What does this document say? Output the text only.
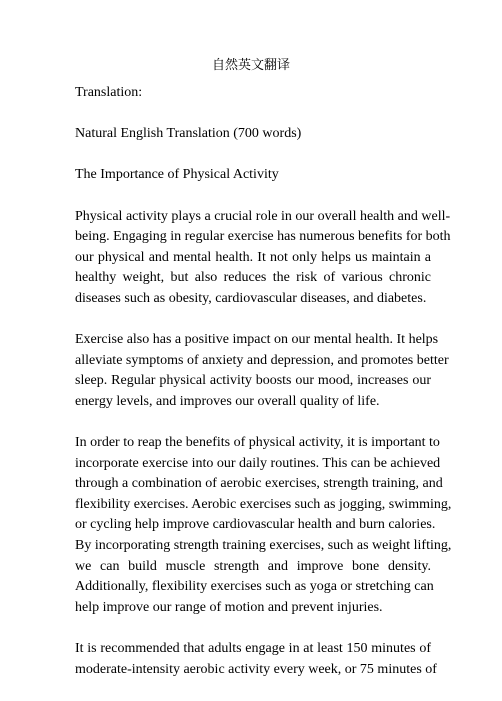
自然英文翻译

Translation:

Natural English Translation (700 words)

The Importance of Physical Activity

Physical activity plays a crucial role in our overall health and well-
being. Engaging in regular exercise has numerous benefits for both
our physical and mental health. It not only helps us maintain a
healthy weight, but also reduces the risk of various chronic
diseases such as obesity, cardiovascular diseases, and diabetes.

Exercise also has a positive impact on our mental health. It helps
alleviate symptoms of anxiety and depression, and promotes better
sleep. Regular physical activity boosts our mood, increases our
energy levels, and improves our overall quality of life.

In order to reap the benefits of physical activity, it is important to
incorporate exercise into our daily routines. This can be achieved
through a combination of aerobic exercises, strength training, and
flexibility exercises. Aerobic exercises such as jogging, swimming,
or cycling help improve cardiovascular health and burn calories.
By incorporating strength training exercises, such as weight lifting,
we can build muscle strength and improve bone density.
Additionally, flexibility exercises such as yoga or stretching can
help improve our range of motion and prevent injuries.

It is recommended that adults engage in at least 150 minutes of
moderate-intensity aerobic activity every week, or 75 minutes of
